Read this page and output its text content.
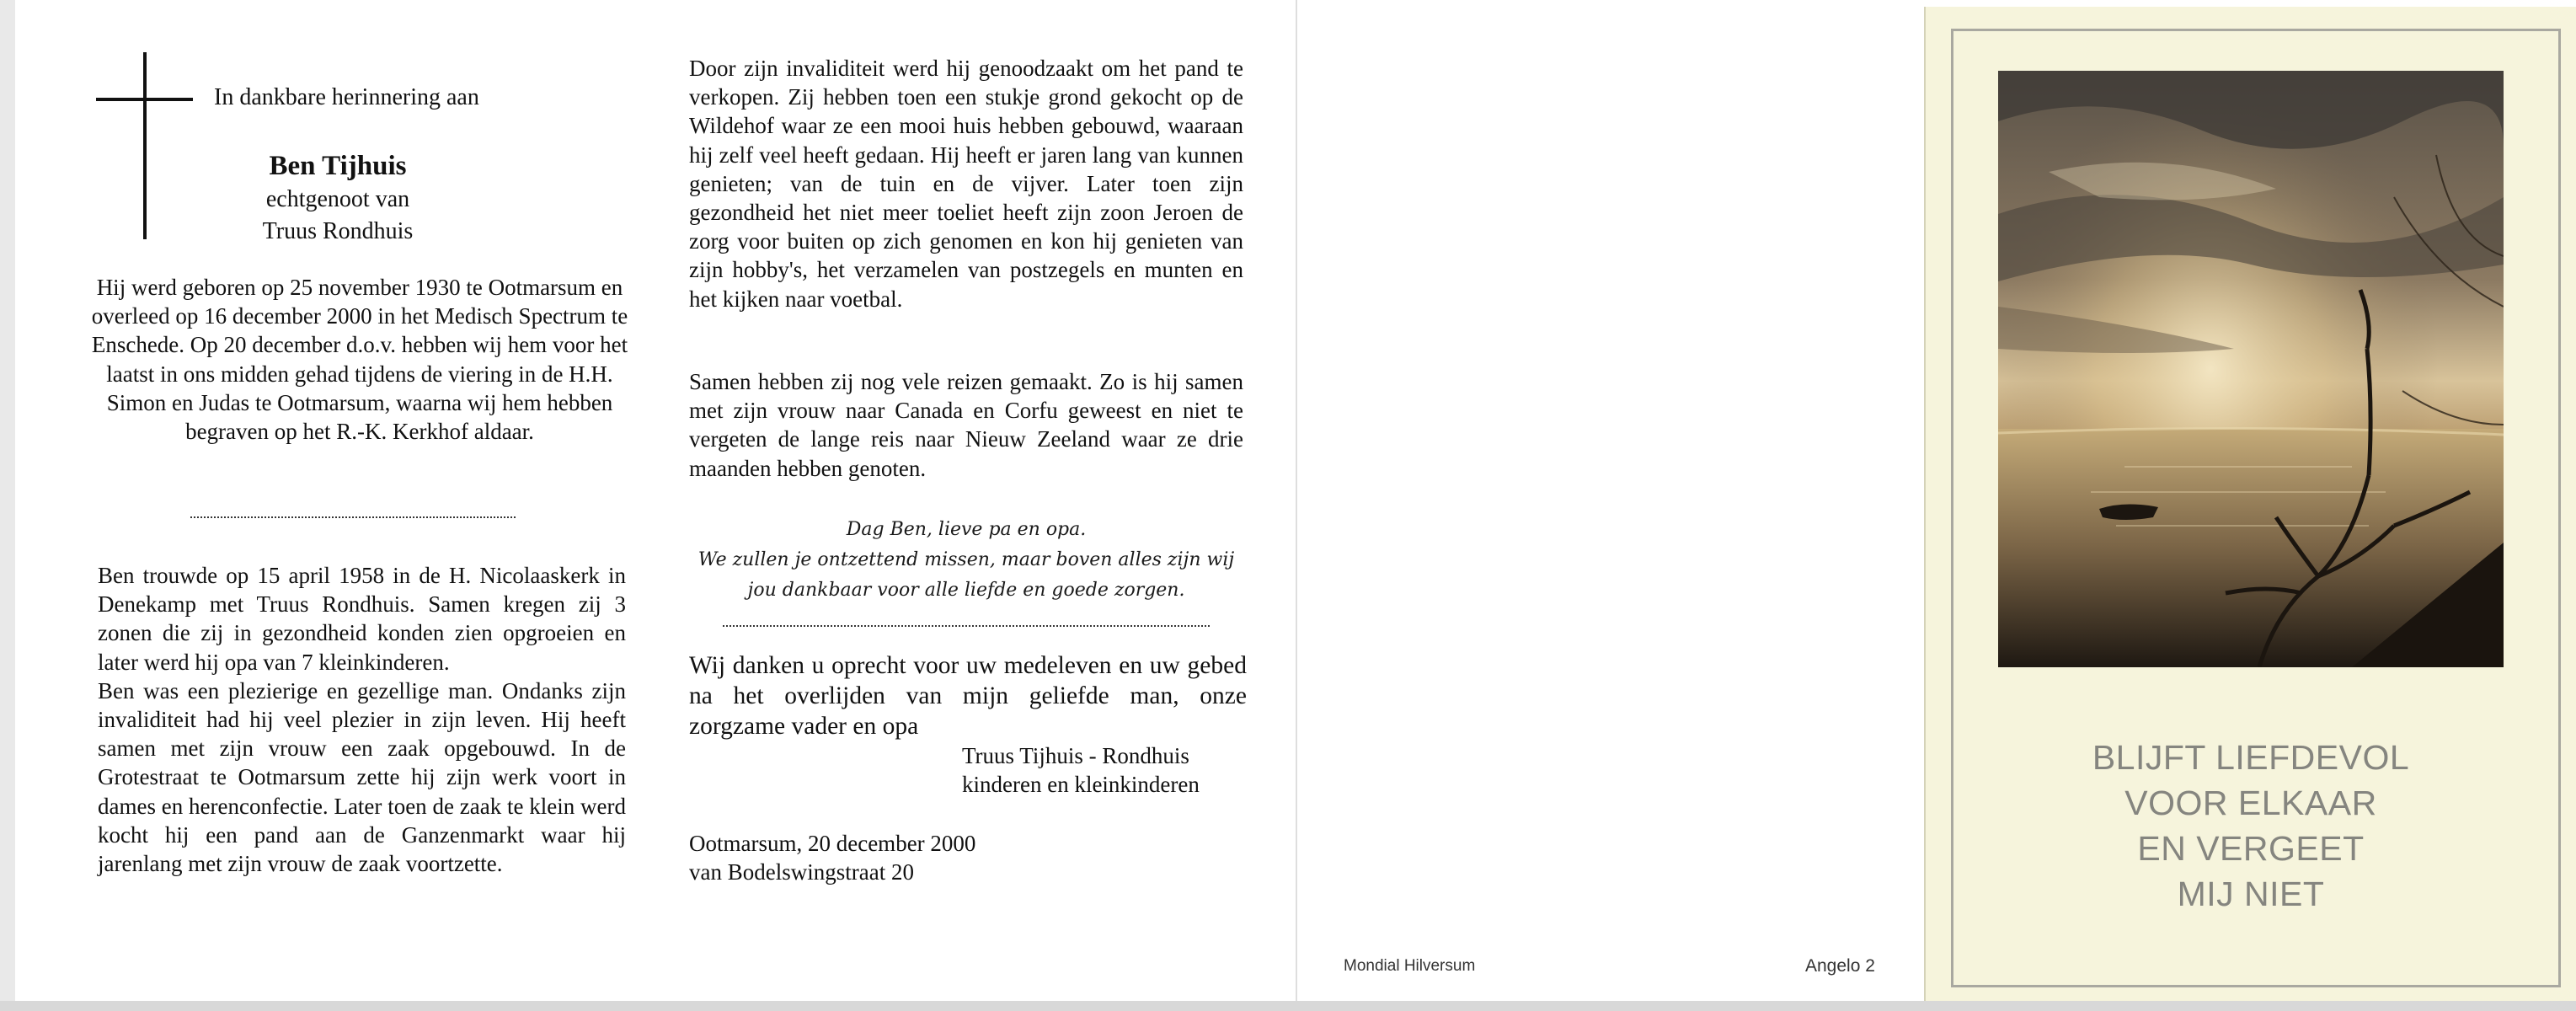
In dankbare herinnering aan
Ben Tijhuis
echtgenoot van
Truus Rondhuis
Hij werd geboren op 25 november 1930 te Ootmarsum en overleed op 16 december 2000 in het Medisch Spectrum te Enschede. Op 20 december d.o.v. hebben wij hem voor het laatst in ons midden gehad tijdens de viering in de H.H. Simon en Judas te Ootmarsum, waarna wij hem hebben begraven op het R.-K. Kerkhof aldaar.

Ben trouwde op 15 april 1958 in de H. Nicolaaskerk in Denekamp met Truus Rondhuis. Samen kregen zij 3 zonen die zij in gezondheid konden zien opgroeien en later werd hij opa van 7 kleinkinderen.

Ben was een plezierige en gezellige man. Ondanks zijn invaliditeit had hij veel plezier in zijn leven. Hij heeft samen met zijn vrouw een zaak opgebouwd. In de Grotestraat te Ootmarsum zette hij zijn werk voort in dames en herenconfectie. Later toen de zaak te klein werd kocht hij een pand aan de Ganzenmarkt waar hij jarenlang met zijn vrouw de zaak voortzette.

Door zijn invaliditeit werd hij genoodzaakt om het pand te verkopen. Zij hebben toen een stukje grond gekocht op de Wildehof waar ze een mooi huis hebben gebouwd, waaraan hij zelf veel heeft gedaan. Hij heeft er jaren lang van kunnen genieten; van de tuin en de vijver. Later toen zijn gezondheid het niet meer toeliet heeft zijn zoon Jeroen de zorg voor buiten op zich genomen en kon hij genieten van zijn hobby's, het verzamelen van postzegels en munten en het kijken naar voetbal.
Samen hebben zij nog vele reizen gemaakt. Zo is hij samen met zijn vrouw naar Canada en Corfu geweest en niet te vergeten de lange reis naar Nieuw Zeeland waar ze drie maanden hebben genoten.
Dag Ben, lieve pa en opa.
We zullen je ontzettend missen, maar boven alles zijn wij
jou dankbaar voor alle liefde en goede zorgen.
Wij danken u oprecht voor uw medeleven en uw gebed na het overlijden van mijn geliefde man, onze zorgzame vader en opa
Truus Tijhuis - Rondhuis
kinderen en kleinkinderen
Ootmarsum, 20 december 2000
van Bodelswingstraat 20
Mondial Hilversum	Angelo 2
BLIJFT LIEFDEVOL
VOOR ELKAAR
EN VERGEET
MIJ NIET
